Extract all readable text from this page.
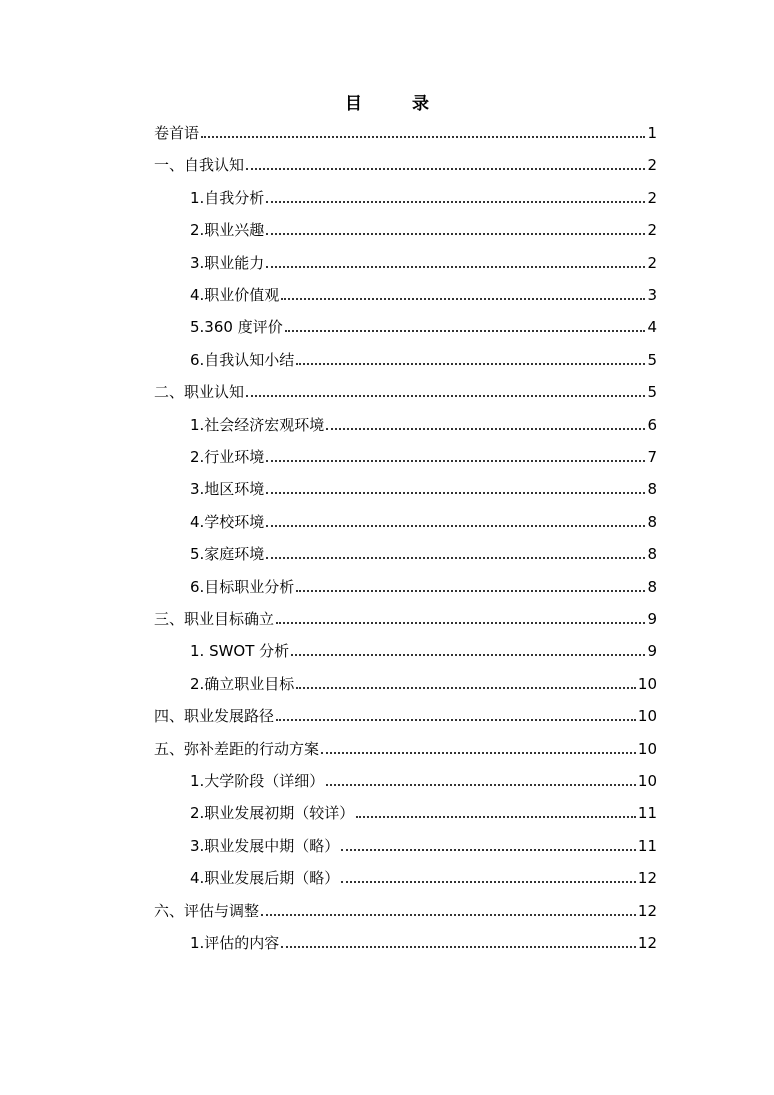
目 录
卷首语	1
一、自我认知	2
1.自我分析	2
2.职业兴趣	2
3.职业能力	2
4.职业价值观	3
5.360 度评价	4
6.自我认知小结	5
二、职业认知	5
1.社会经济宏观环境	6
2.行业环境	7
3.地区环境	8
4.学校环境	8
5.家庭环境	8
6.目标职业分析	8
三、职业目标确立	9
1. SWOT 分析	9
2.确立职业目标	10
四、职业发展路径	10
五、弥补差距的行动方案	10
1.大学阶段（详细）	10
2.职业发展初期（较详）	11
3.职业发展中期（略）	11
4.职业发展后期（略）	12
六、评估与调整	12
1.评估的内容	12
